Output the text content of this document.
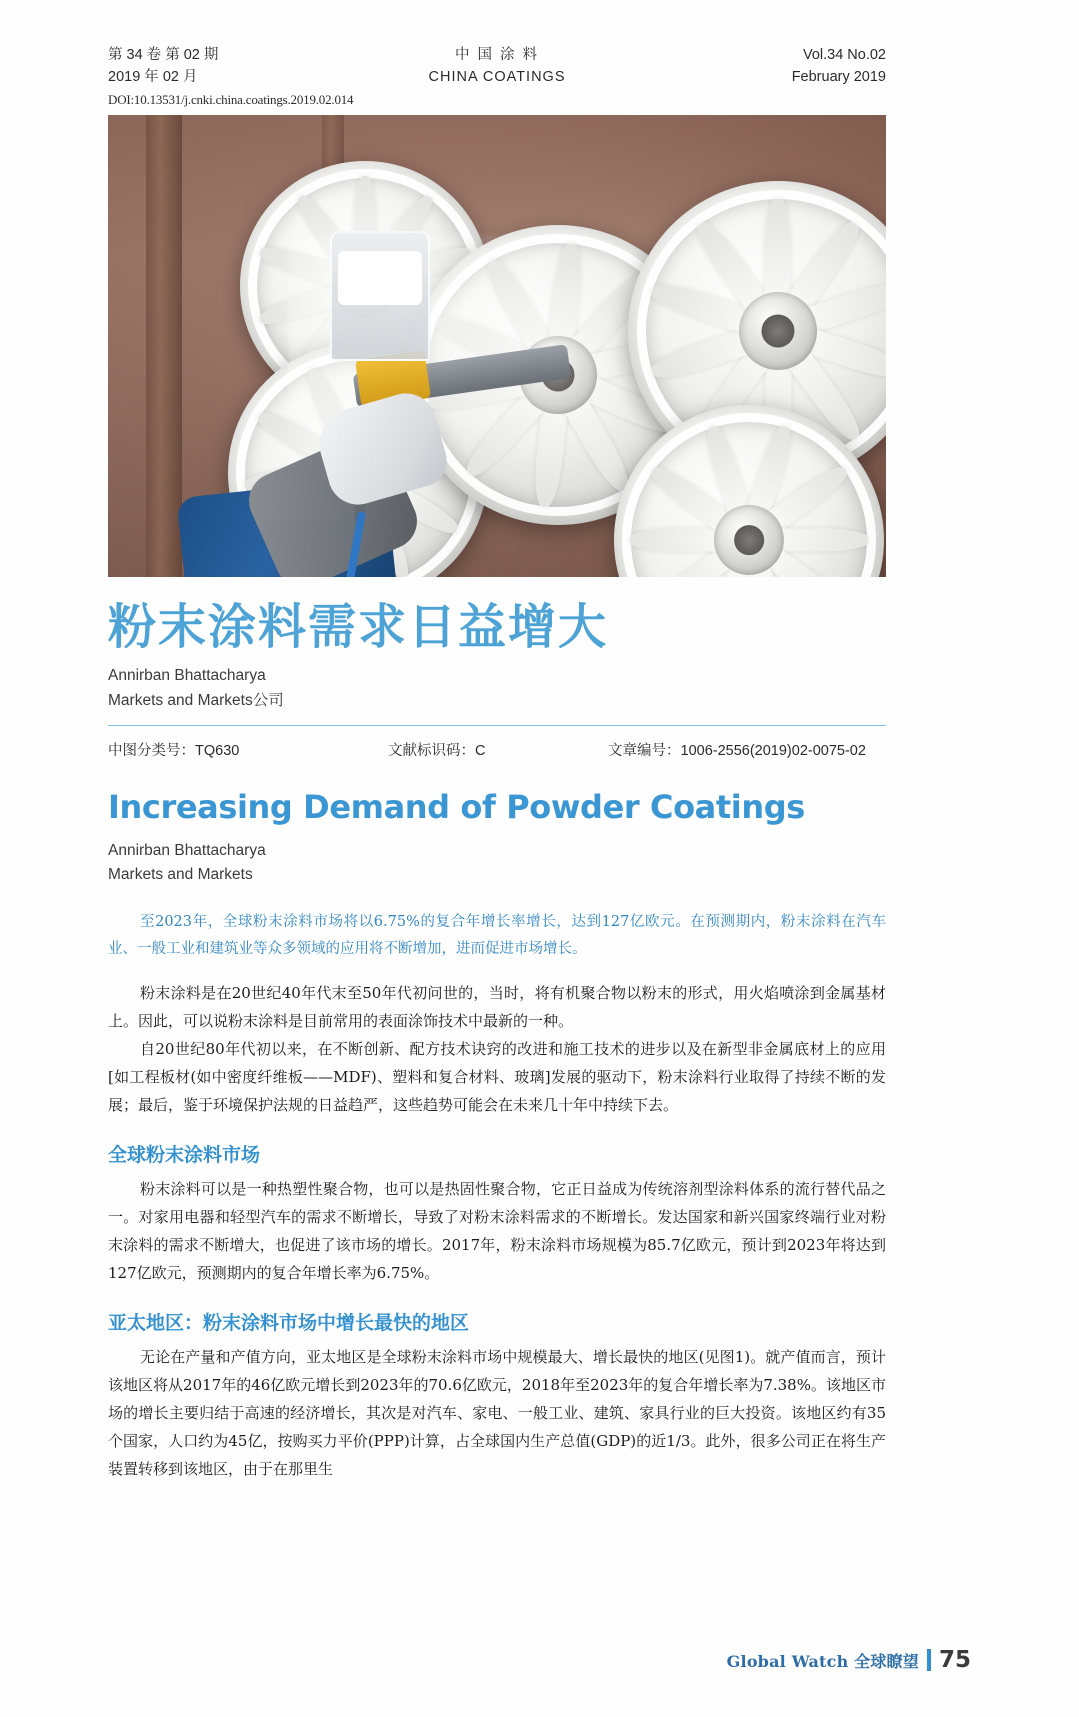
第 34 卷 第 02 期
2019 年 02 月
中 国 涂 料
CHINA COATINGS
Vol.34 No.02
February 2019
DOI:10.13531/j.cnki.china.coatings.2019.02.014
粉末涂料需求日益增大
Annirban Bhattacharya
Markets and Markets公司
中图分类号：TQ630	文献标识码：C	文章编号：1006-2556(2019)02-0075-02
Increasing Demand of Powder Coatings
Annirban Bhattacharya
Markets and Markets
至2023年，全球粉末涂料市场将以6.75%的复合年增长率增长，达到127亿欧元。在预测期内，粉末涂料在汽车业、一般工业和建筑业等众多领域的应用将不断增加，进而促进市场增长。

粉末涂料是在20世纪40年代末至50年代初问世的，当时，将有机聚合物以粉末的形式，用火焰喷涂到金属基材上。因此，可以说粉末涂料是目前常用的表面涂饰技术中最新的一种。

自20世纪80年代初以来，在不断创新、配方技术诀窍的改进和施工技术的进步以及在新型非金属底材上的应用[如工程板材(如中密度纤维板——MDF)、塑料和复合材料、玻璃]发展的驱动下，粉末涂料行业取得了持续不断的发展；最后，鉴于环境保护法规的日益趋严，这些趋势可能会在未来几十年中持续下去。

全球粉末涂料市场

粉末涂料可以是一种热塑性聚合物，也可以是热固性聚合物，它正日益成为传统溶剂型涂料体系的流行替代品之一。对家用电器和轻型汽车的需求不断增长，导致了对粉末涂料需求的不断增长。发达国家和新兴国家终端行业对粉末涂料的需求不断增大，也促进了该市场的增长。2017年，粉末涂料市场规模为85.7亿欧元，预计到2023年将达到127亿欧元，预测期内的复合年增长率为6.75%。

亚太地区：粉末涂料市场中增长最快的地区

无论在产量和产值方向，亚太地区是全球粉末涂料市场中规模最大、增长最快的地区(见图1)。就产值而言，预计该地区将从2017年的46亿欧元增长到2023年的70.6亿欧元，2018年至2023年的复合年增长率为7.38%。该地区市场的增长主要归结于高速的经济增长，其次是对汽车、家电、一般工业、建筑、家具行业的巨大投资。该地区约有35个国家，人口约为45亿，按购买力平价(PPP)计算，占全球国内生产总值(GDP)的近1/3。此外，很多公司正在将生产装置转移到该地区，由于在那里生

Global Watch 全球瞭望 75
